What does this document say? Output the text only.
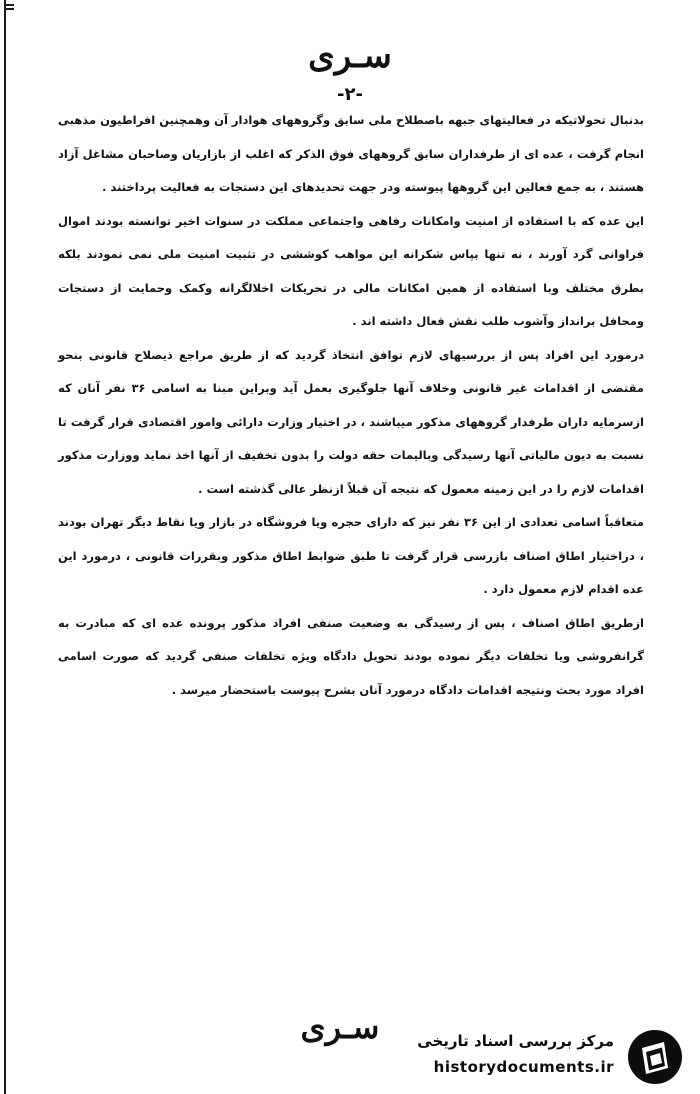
سـری
-۲-

بدنبال تحولاتیکه در فعالیتهای جبهه باصطلاح ملی سابق وگروههای هوادار آن وهمچنین افراطیون مذهبی انجام گرفت ، عده ای از طرفداران سابق گروههای فوق الذکر که اغلب از بازاریان وصاحبان مشاغل آزاد هستند ، به جمع فعالین این گروهها پیوسته ودر جهت تحدیدهای این دستجات به فعالیت پرداختند .

این عده که با استفاده از امنیت وامکانات رفاهی واجتماعی مملکت در سنوات اخیر توانسته بودند اموال فراوانی گرد آورند ، نه تنها بپاس شکرانه این مواهب کوششی در تثبیت امنیت ملی نمی نمودند بلکه بطرق مختلف وبا استفاده از همین امکانات مالی در تحریکات اخلالگرانه وکمک وحمایت از دستجات ومحافل برانداز وآشوب طلب نقش فعال داشته اند .

درمورد این افراد پس از بررسیهای لازم توافق انتخاذ گردید که از طریق مراجع ذیصلاح قانونی بنحو مقتضی از اقدامات غیر قانونی وخلاف آنها جلوگیری بعمل آید وبراین مبنا به اسامی ۳۶ نفر آنان که ازسرمایه داران طرفدار گروههای مذکور میباشند ، در اختیار وزارت دارائی وامور اقتصادی قرار گرفت تا نسبت به دیون مالیاتی آنها رسیدگی وبالیمات حقه دولت را بدون تخفیف از آنها اخذ نماید ووزارت مذکور اقدامات لازم را در این زمینه معمول که نتیجه آن قبلاً ازنظر عالی گذشته است .

متعاقباً اسامی تعدادی از این ۳۶ نفر نیز که دارای حجره ویا فروشگاه در بازار ویا نقاط دیگر تهران بودند ، دراختیار اطاق اصناف بازرسی قرار گرفت تا طبق ضوابط اطاق مذکور وبقررات قانونی ، درمورد این عده اقدام لازم معمول دارد .

ازطریق اطاق اصناف ، پس از رسیدگی به وضعیت صنفی افراد مذکور پرونده عده ای که مبادرت به گرانفروشی ویا تخلفات دیگر نموده بودند تحویل دادگاه ویژه تخلفات صنفی گردید که صورت اسامی افراد مورد بحث ونتیجه اقدامات دادگاه درمورد آنان بشرح پیوست باستحضار میرسد .

سـری	مرکز بررسی اسناد تاریخی
historydocuments.ir
